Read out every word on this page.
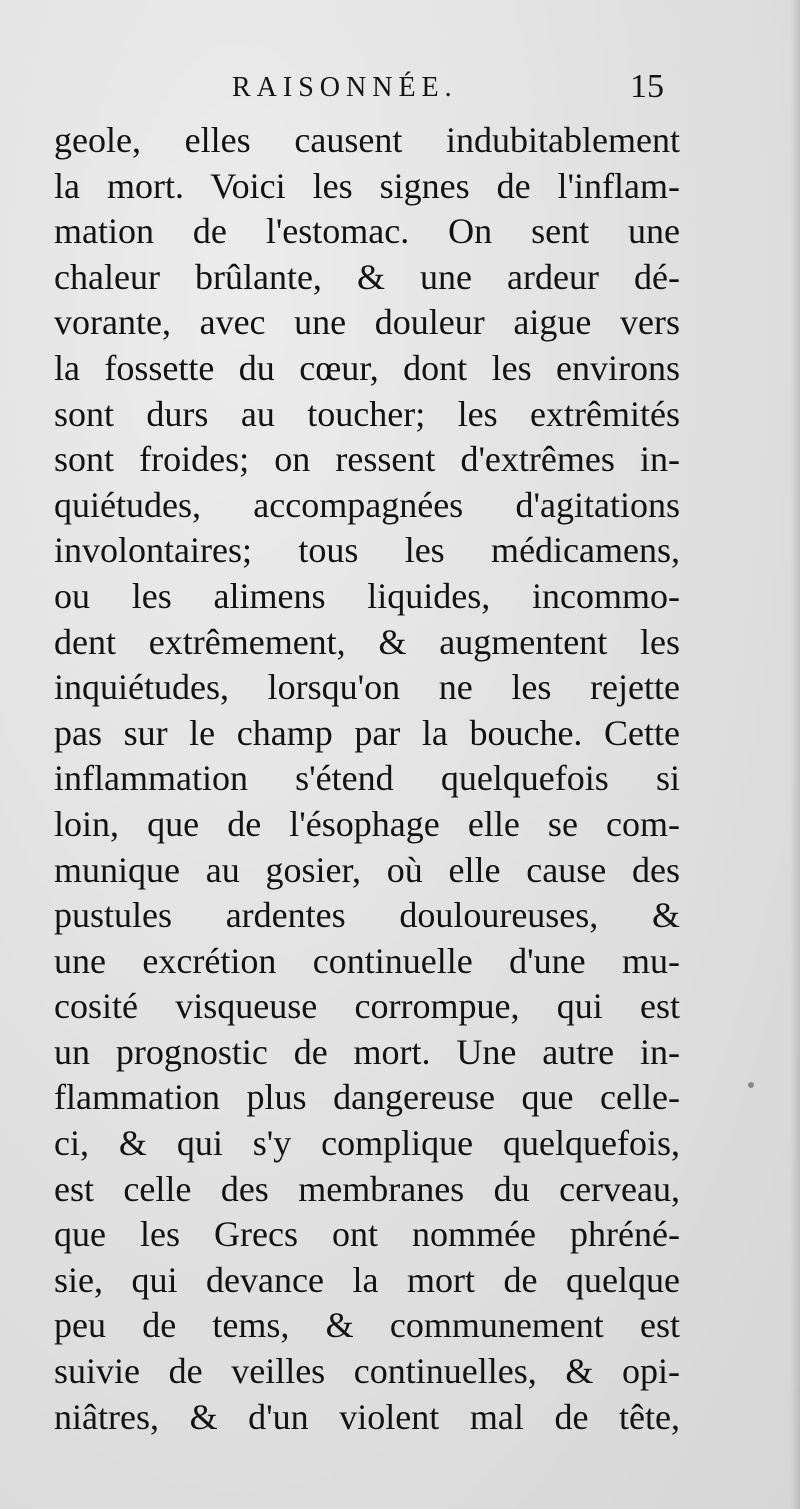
RAISONNÉE.	15
geole, elles causent indubitablement
la mort. Voici les signes de l'inflam-
mation de l'estomac. On sent une
chaleur brûlante, & une ardeur dé-
vorante, avec une douleur aigue vers
la fossette du cœur, dont les environs
sont durs au toucher; les extrêmités
sont froides; on ressent d'extrêmes in-
quiétudes, accompagnées d'agitations
involontaires; tous les médicamens,
ou les alimens liquides, incommo-
dent extrêmement, & augmentent les
inquiétudes, lorsqu'on ne les rejette
pas sur le champ par la bouche. Cette
inflammation s'étend quelquefois si
loin, que de l'ésophage elle se com-
munique au gosier, où elle cause des
pustules ardentes douloureuses, &
une excrétion continuelle d'une mu-
cosité visqueuse corrompue, qui est
un prognostic de mort. Une autre in-
flammation plus dangereuse que celle-
ci, & qui s'y complique quelquefois,
est celle des membranes du cerveau,
que les Grecs ont nommée phréné-
sie, qui devance la mort de quelque
peu de tems, & communement est
suivie de veilles continuelles, & opi-
niâtres, & d'un violent mal de tête,
